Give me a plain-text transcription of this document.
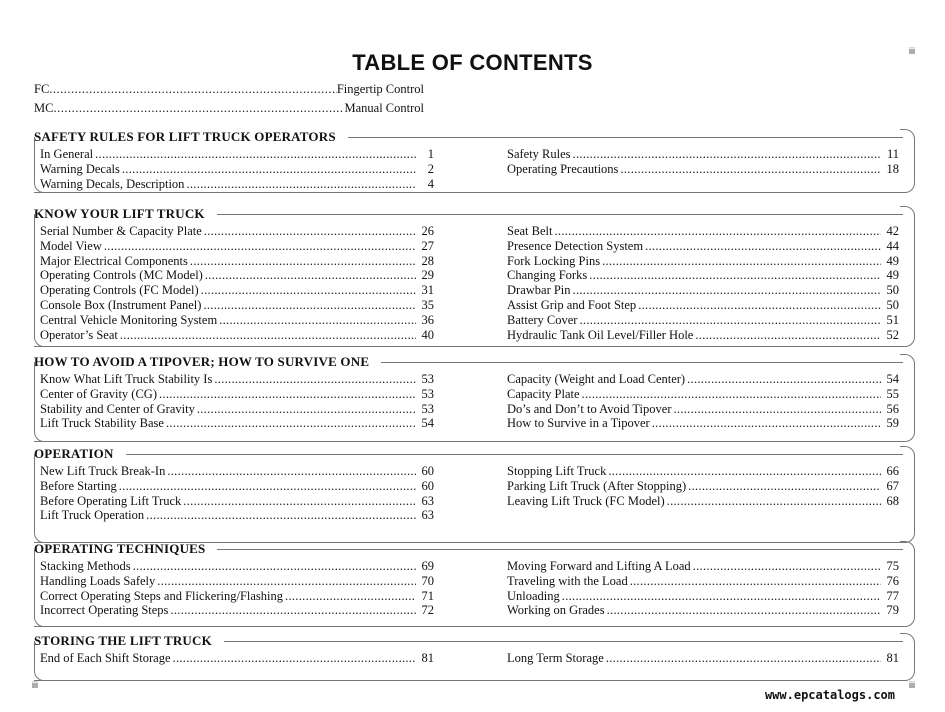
iii
iii	iii
TABLE OF CONTENTS
FC .....	Fingertip Control
MC .....	Manual Control
SAFETY RULES FOR LIFT TRUCK OPERATORS
In General .....	1
Warning Decals .....	2
Warning Decals, Description .....	4
Safety Rules .....	11
Operating Precautions .....	18
KNOW YOUR LIFT TRUCK
Serial Number & Capacity Plate .....	26
Model View .....	27
Major Electrical Components .....	28
Operating Controls (MC Model) .....	29
Operating Controls (FC Model) .....	31
Console Box (Instrument Panel) .....	35
Central Vehicle Monitoring System .....	36
Operator’s Seat .....	40
Seat Belt .....	42
Presence Detection System .....	44
Fork Locking Pins .....	49
Changing Forks .....	49
Drawbar Pin .....	50
Assist Grip and Foot Step .....	50
Battery Cover .....	51
Hydraulic Tank Oil Level/Filler Hole .....	52
HOW TO AVOID A TIPOVER; HOW TO SURVIVE ONE
Know What Lift Truck Stability Is .....	53
Center of Gravity (CG) .....	53
Stability and Center of Gravity .....	53
Lift Truck Stability Base .....	54
Capacity (Weight and Load Center) .....	54
Capacity Plate .....	55
Do’s and Don’t to Avoid Tipover .....	56
How to Survive in a Tipover .....	59
OPERATION
New Lift Truck Break-In .....	60
Before Starting .....	60
Before Operating Lift Truck .....	63
Lift Truck Operation .....	63
Stopping Lift Truck .....	66
Parking Lift Truck (After Stopping) .....	67
Leaving Lift Truck (FC Model) .....	68
OPERATING TECHNIQUES
Stacking Methods .....	69
Handling Loads Safely .....	70
Correct Operating Steps and Flickering/Flashing .....	71
Incorrect Operating Steps .....	72
Moving Forward and Lifting A Load .....	75
Traveling with the Load .....	76
Unloading .....	77
Working on Grades .....	79
STORING THE LIFT TRUCK
End of Each Shift Storage .....	81	Long Term Storage .....	81
www.epcatalogs.com
